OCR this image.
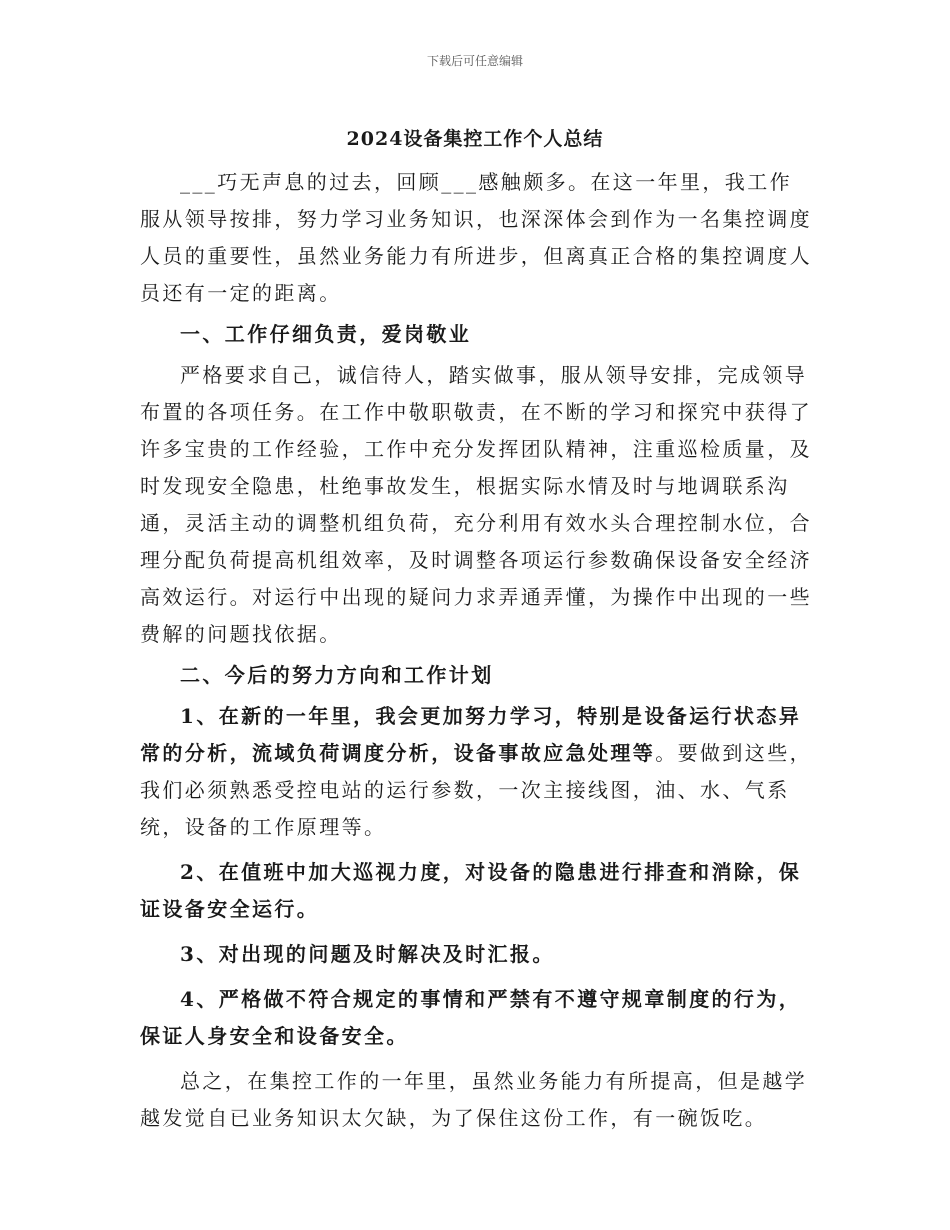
下载后可任意编辑
2024设备集控工作个人总结

___巧无声息的过去，回顾___感触颇多。在这一年里，我工作服从领导按排，努力学习业务知识，也深深体会到作为一名集控调度人员的重要性，虽然业务能力有所进步，但离真正合格的集控调度人员还有一定的距离。

一、工作仔细负责，爱岗敬业

严格要求自己，诚信待人，踏实做事，服从领导安排，完成领导布置的各项任务。在工作中敬职敬责，在不断的学习和探究中获得了许多宝贵的工作经验，工作中充分发挥团队精神，注重巡检质量，及时发现安全隐患，杜绝事故发生，根据实际水情及时与地调联系沟通，灵活主动的调整机组负荷，充分利用有效水头合理控制水位，合理分配负荷提高机组效率，及时调整各项运行参数确保设备安全经济高效运行。对运行中出现的疑问力求弄通弄懂，为操作中出现的一些费解的问题找依据。

二、今后的努力方向和工作计划

1、在新的一年里，我会更加努力学习，特别是设备运行状态异常的分析，流域负荷调度分析，设备事故应急处理等。要做到这些，我们必须熟悉受控电站的运行参数，一次主接线图，油、水、气系统，设备的工作原理等。

2、在值班中加大巡视力度，对设备的隐患进行排查和消除，保证设备安全运行。

3、对出现的问题及时解决及时汇报。

4、严格做不符合规定的事情和严禁有不遵守规章制度的行为，保证人身安全和设备安全。

总之，在集控工作的一年里，虽然业务能力有所提高，但是越学越发觉自已业务知识太欠缺，为了保住这份工作，有一碗饭吃。
